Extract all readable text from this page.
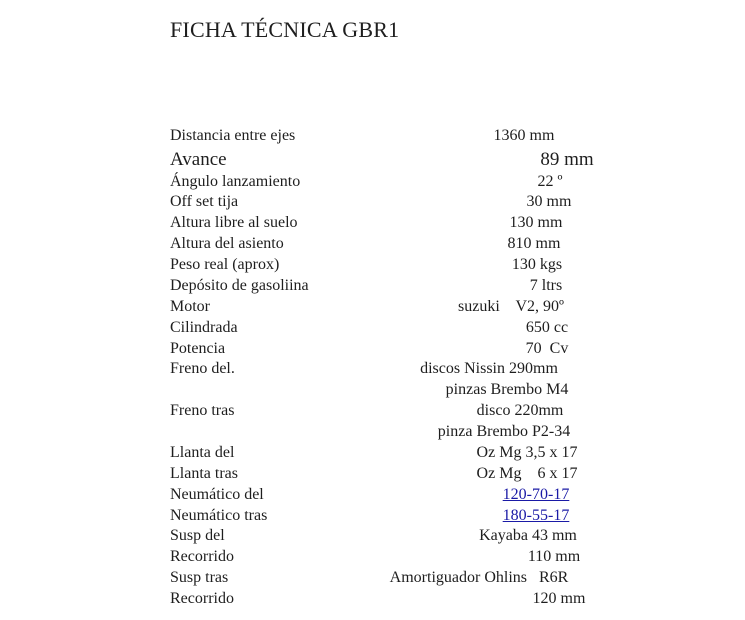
FICHA TÉCNICA GBR1
Distancia entre ejes	1360 mm
Avance	89 mm
Ángulo lanzamiento	22 º
Off set tija	30 mm
Altura libre al suelo	130 mm
Altura del asiento	810 mm
Peso real (aprox)	130 kgs
Depósito de gasoliina	7 ltrs
Motor	suzuki    V2, 90º
Cilindrada	650 cc
Potencia	70  Cv
Freno del.	discos Nissin 290mm
pinzas Brembo M4
Freno tras	disco 220mm
pinza Brembo P2-34
Llanta del	Oz Mg 3,5 x 17
Llanta tras	Oz Mg    6 x 17
Neumático del	120-70-17
Neumático tras	180-55-17
Susp del	Kayaba 43 mm
Recorrido	110 mm
Susp tras	Amortiguador Ohlins   R6R
Recorrido	120 mm
